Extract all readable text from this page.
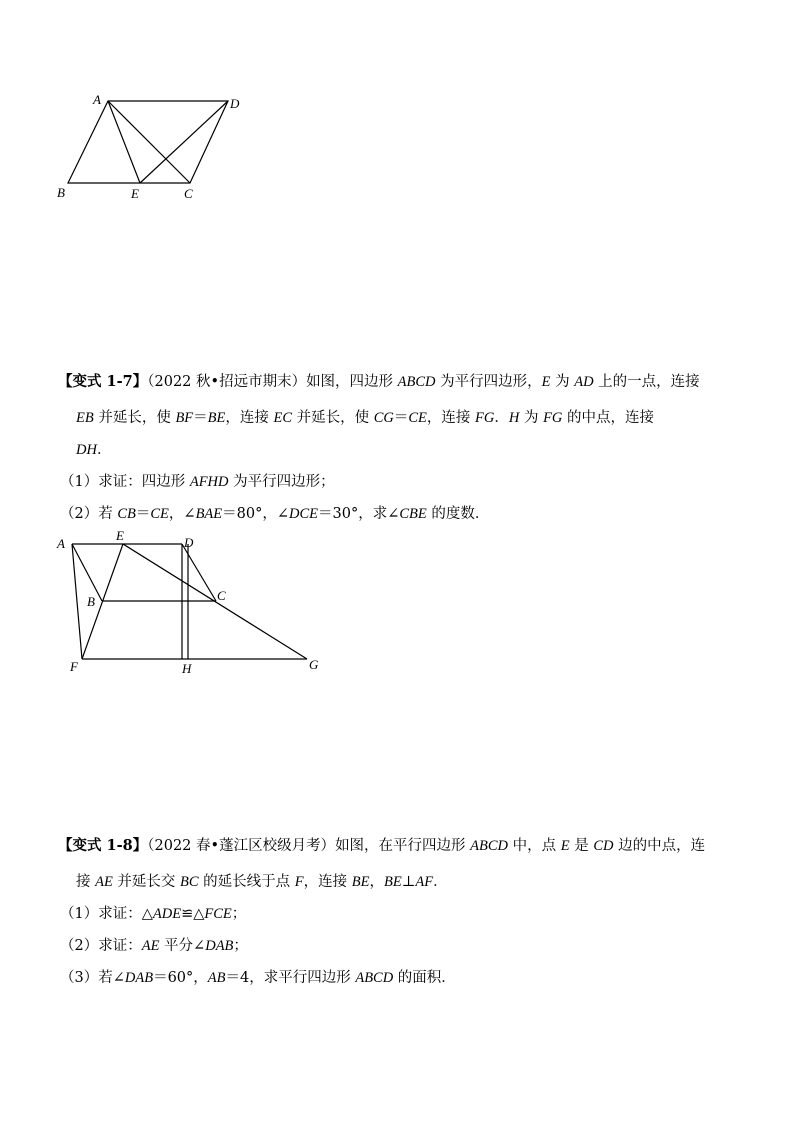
A	D
B	E	C
【变式 1-7】（2022 秋•招远市期末）如图，四边形 ABCD 为平行四边形，E 为 AD 上的一点，连接
EB 并延长，使 BF＝BE，连接 EC 并延长，使 CG＝CE，连接 FG．H 为 FG 的中点，连接
DH．
（1）求证：四边形 AFHD 为平行四边形；
（2）若 CB＝CE，∠BAE＝80°，∠DCE＝30°，求∠CBE 的度数．
A
E	D
B	C
F	H	G
【变式 1-8】（2022 春•蓬江区校级月考）如图，在平行四边形 ABCD 中，点 E 是 CD 边的中点，连
接 AE 并延长交 BC 的延长线于点 F，连接 BE，BE⊥AF．
（1）求证：△ADE≌△FCE；
（2）求证：AE 平分∠DAB；
（3）若∠DAB＝60°，AB＝4，求平行四边形 ABCD 的面积．
